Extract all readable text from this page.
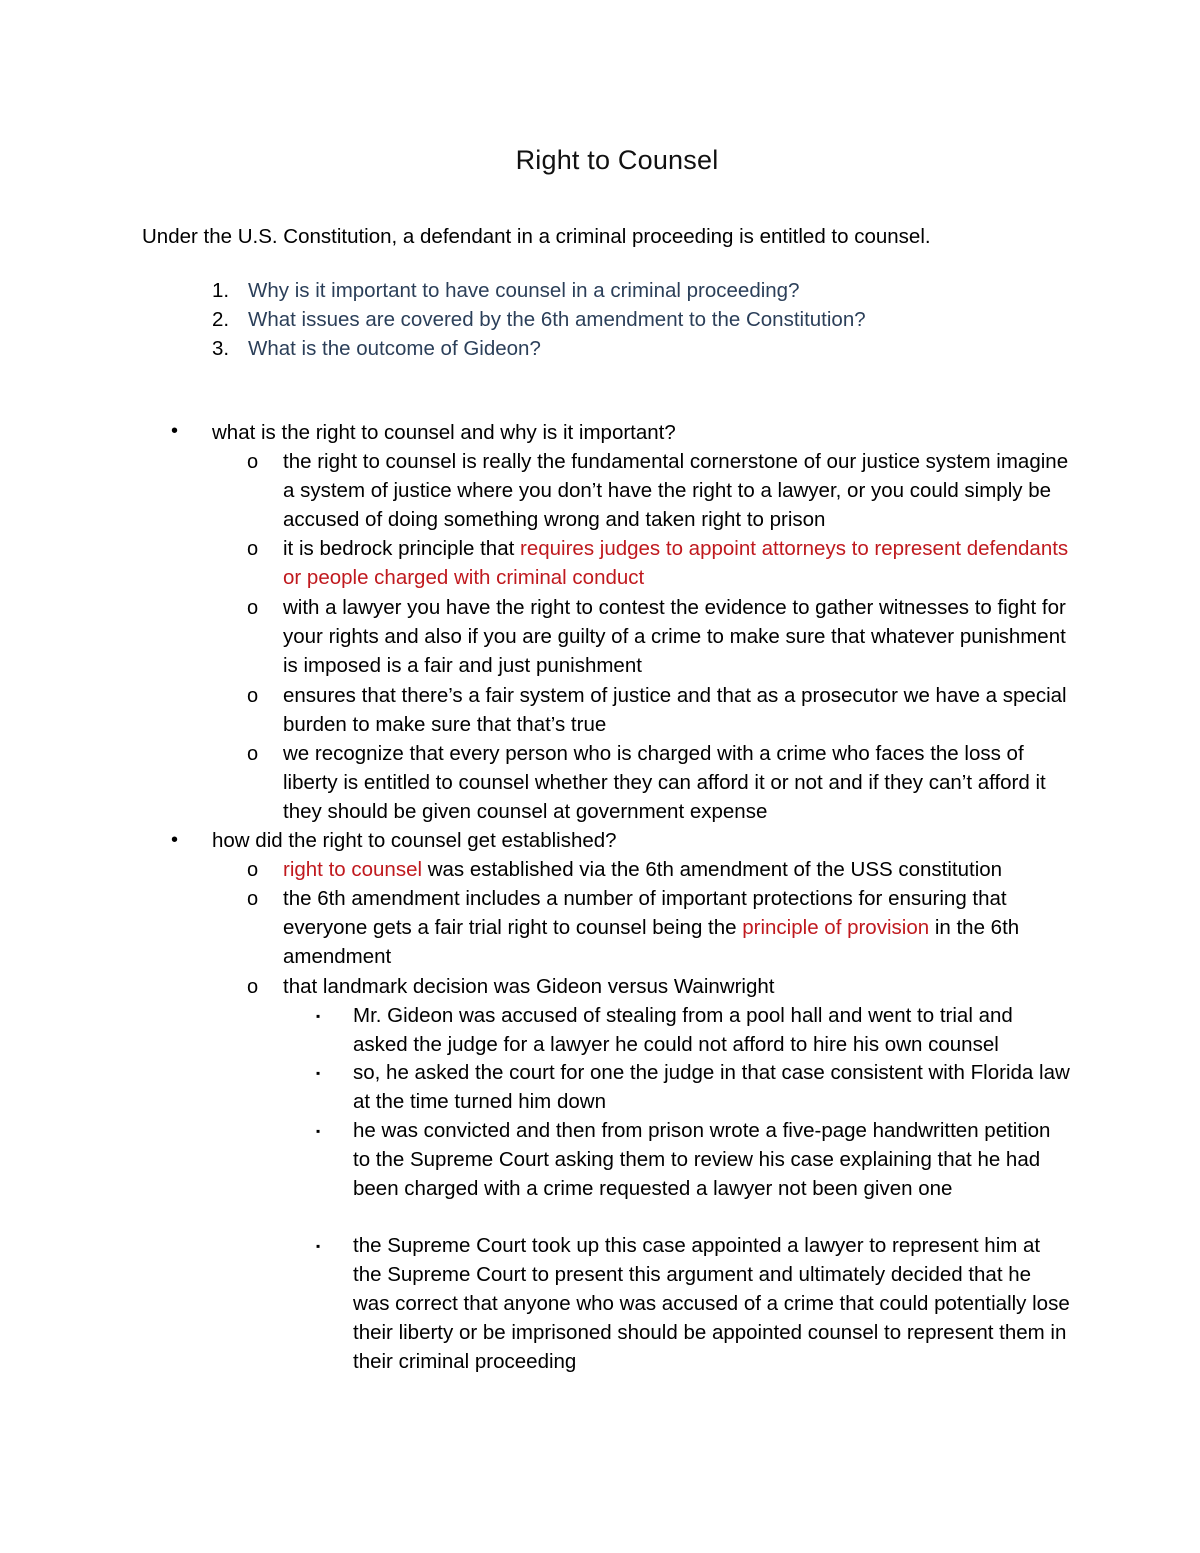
Right to Counsel
Under the U.S. Constitution, a defendant in a criminal proceeding is entitled to counsel.
1. Why is it important to have counsel in a criminal proceeding?
2. What issues are covered by the 6th amendment to the Constitution?
3. What is the outcome of Gideon?
• what is the right to counsel and why is it important?
o the right to counsel is really the fundamental cornerstone of our justice system imagine a system of justice where you don’t have the right to a lawyer, or you could simply be accused of doing something wrong and taken right to prison
o it is bedrock principle that requires judges to appoint attorneys to represent defendants or people charged with criminal conduct
o with a lawyer you have the right to contest the evidence to gather witnesses to fight for your rights and also if you are guilty of a crime to make sure that whatever punishment is imposed is a fair and just punishment
o ensures that there’s a fair system of justice and that as a prosecutor we have a special burden to make sure that that’s true
o we recognize that every person who is charged with a crime who faces the loss of liberty is entitled to counsel whether they can afford it or not and if they can’t afford it they should be given counsel at government expense
• how did the right to counsel get established?
o right to counsel was established via the 6th amendment of the USS constitution
o the 6th amendment includes a number of important protections for ensuring that everyone gets a fair trial right to counsel being the principle of provision in the 6th amendment
o that landmark decision was Gideon versus Wainwright
▪ Mr. Gideon was accused of stealing from a pool hall and went to trial and asked the judge for a lawyer he could not afford to hire his own counsel
▪ so, he asked the court for one the judge in that case consistent with Florida law at the time turned him down
▪ he was convicted and then from prison wrote a five-page handwritten petition to the Supreme Court asking them to review his case explaining that he had been charged with a crime requested a lawyer not been given one
▪ the Supreme Court took up this case appointed a lawyer to represent him at the Supreme Court to present this argument and ultimately decided that he was correct that anyone who was accused of a crime that could potentially lose their liberty or be imprisoned should be appointed counsel to represent them in their criminal proceeding
